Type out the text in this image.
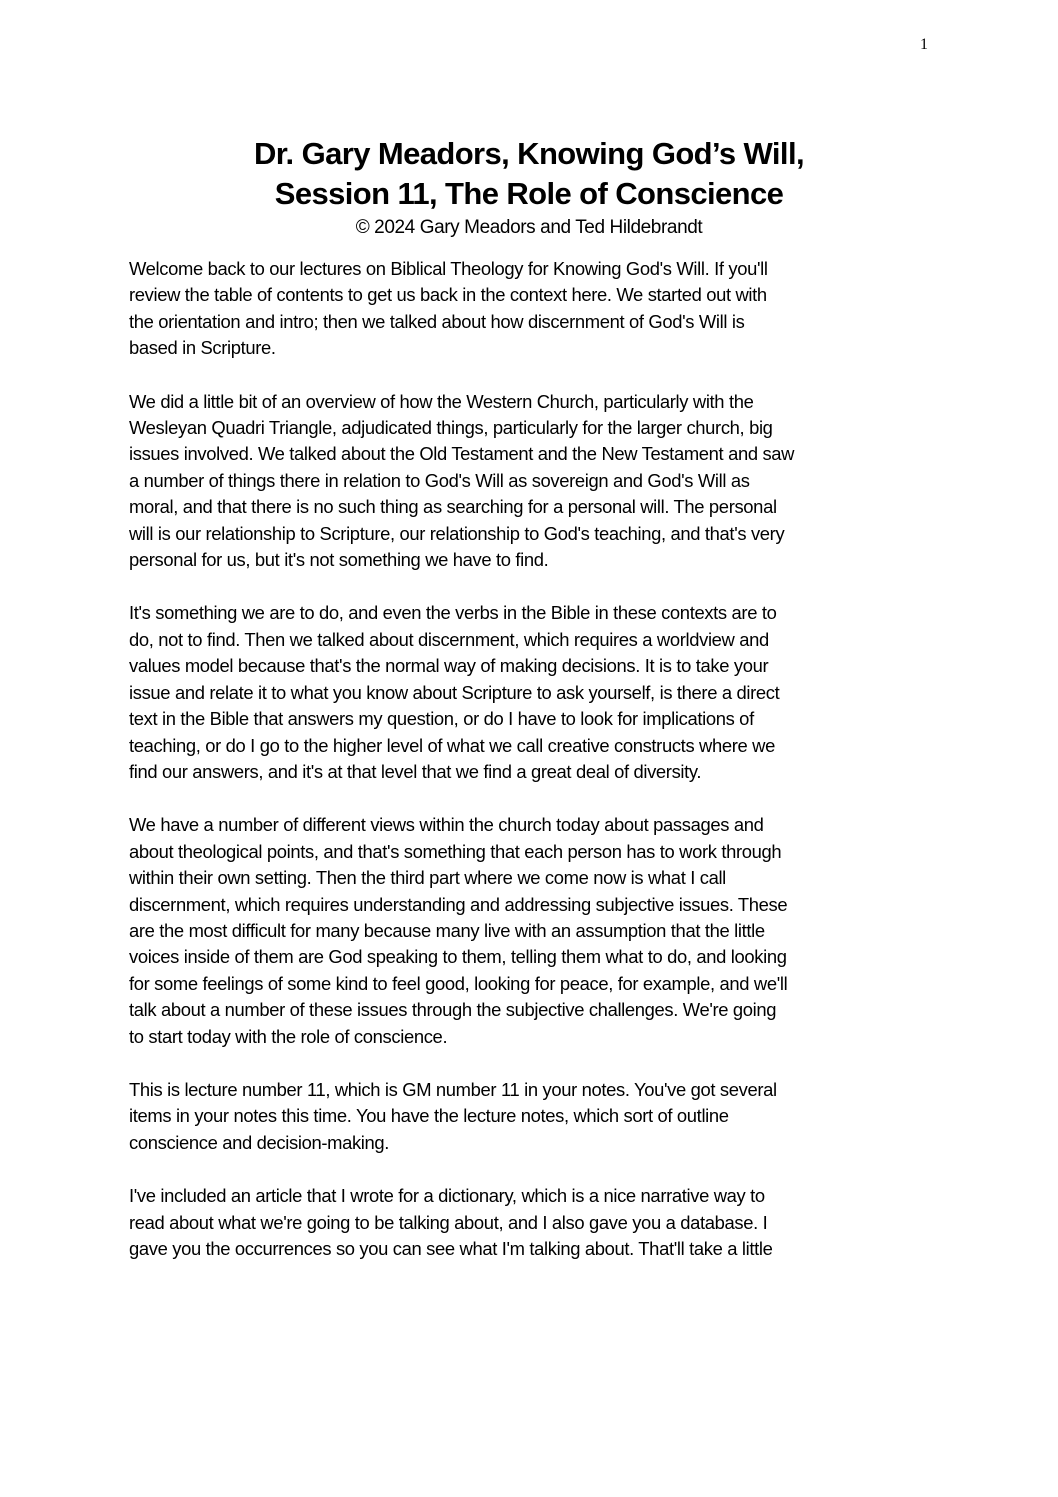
1
Dr. Gary Meadors, Knowing God’s Will,
Session 11, The Role of Conscience
© 2024 Gary Meadors and Ted Hildebrandt

Welcome back to our lectures on Biblical Theology for Knowing God's Will. If you'll
review the table of contents to get us back in the context here. We started out with
the orientation and intro; then we talked about how discernment of God's Will is
based in Scripture.

We did a little bit of an overview of how the Western Church, particularly with the
Wesleyan Quadri Triangle, adjudicated things, particularly for the larger church, big
issues involved. We talked about the Old Testament and the New Testament and saw
a number of things there in relation to God's Will as sovereign and God's Will as
moral, and that there is no such thing as searching for a personal will. The personal
will is our relationship to Scripture, our relationship to God's teaching, and that's very
personal for us, but it's not something we have to find.

It's something we are to do, and even the verbs in the Bible in these contexts are to
do, not to find. Then we talked about discernment, which requires a worldview and
values model because that's the normal way of making decisions. It is to take your
issue and relate it to what you know about Scripture to ask yourself, is there a direct
text in the Bible that answers my question, or do I have to look for implications of
teaching, or do I go to the higher level of what we call creative constructs where we
find our answers, and it's at that level that we find a great deal of diversity.

We have a number of different views within the church today about passages and
about theological points, and that's something that each person has to work through
within their own setting. Then the third part where we come now is what I call
discernment, which requires understanding and addressing subjective issues. These
are the most difficult for many because many live with an assumption that the little
voices inside of them are God speaking to them, telling them what to do, and looking
for some feelings of some kind to feel good, looking for peace, for example, and we'll
talk about a number of these issues through the subjective challenges. We're going
to start today with the role of conscience.

This is lecture number 11, which is GM number 11 in your notes. You've got several
items in your notes this time. You have the lecture notes, which sort of outline
conscience and decision-making.

I've included an article that I wrote for a dictionary, which is a nice narrative way to
read about what we're going to be talking about, and I also gave you a database. I
gave you the occurrences so you can see what I'm talking about. That'll take a little
